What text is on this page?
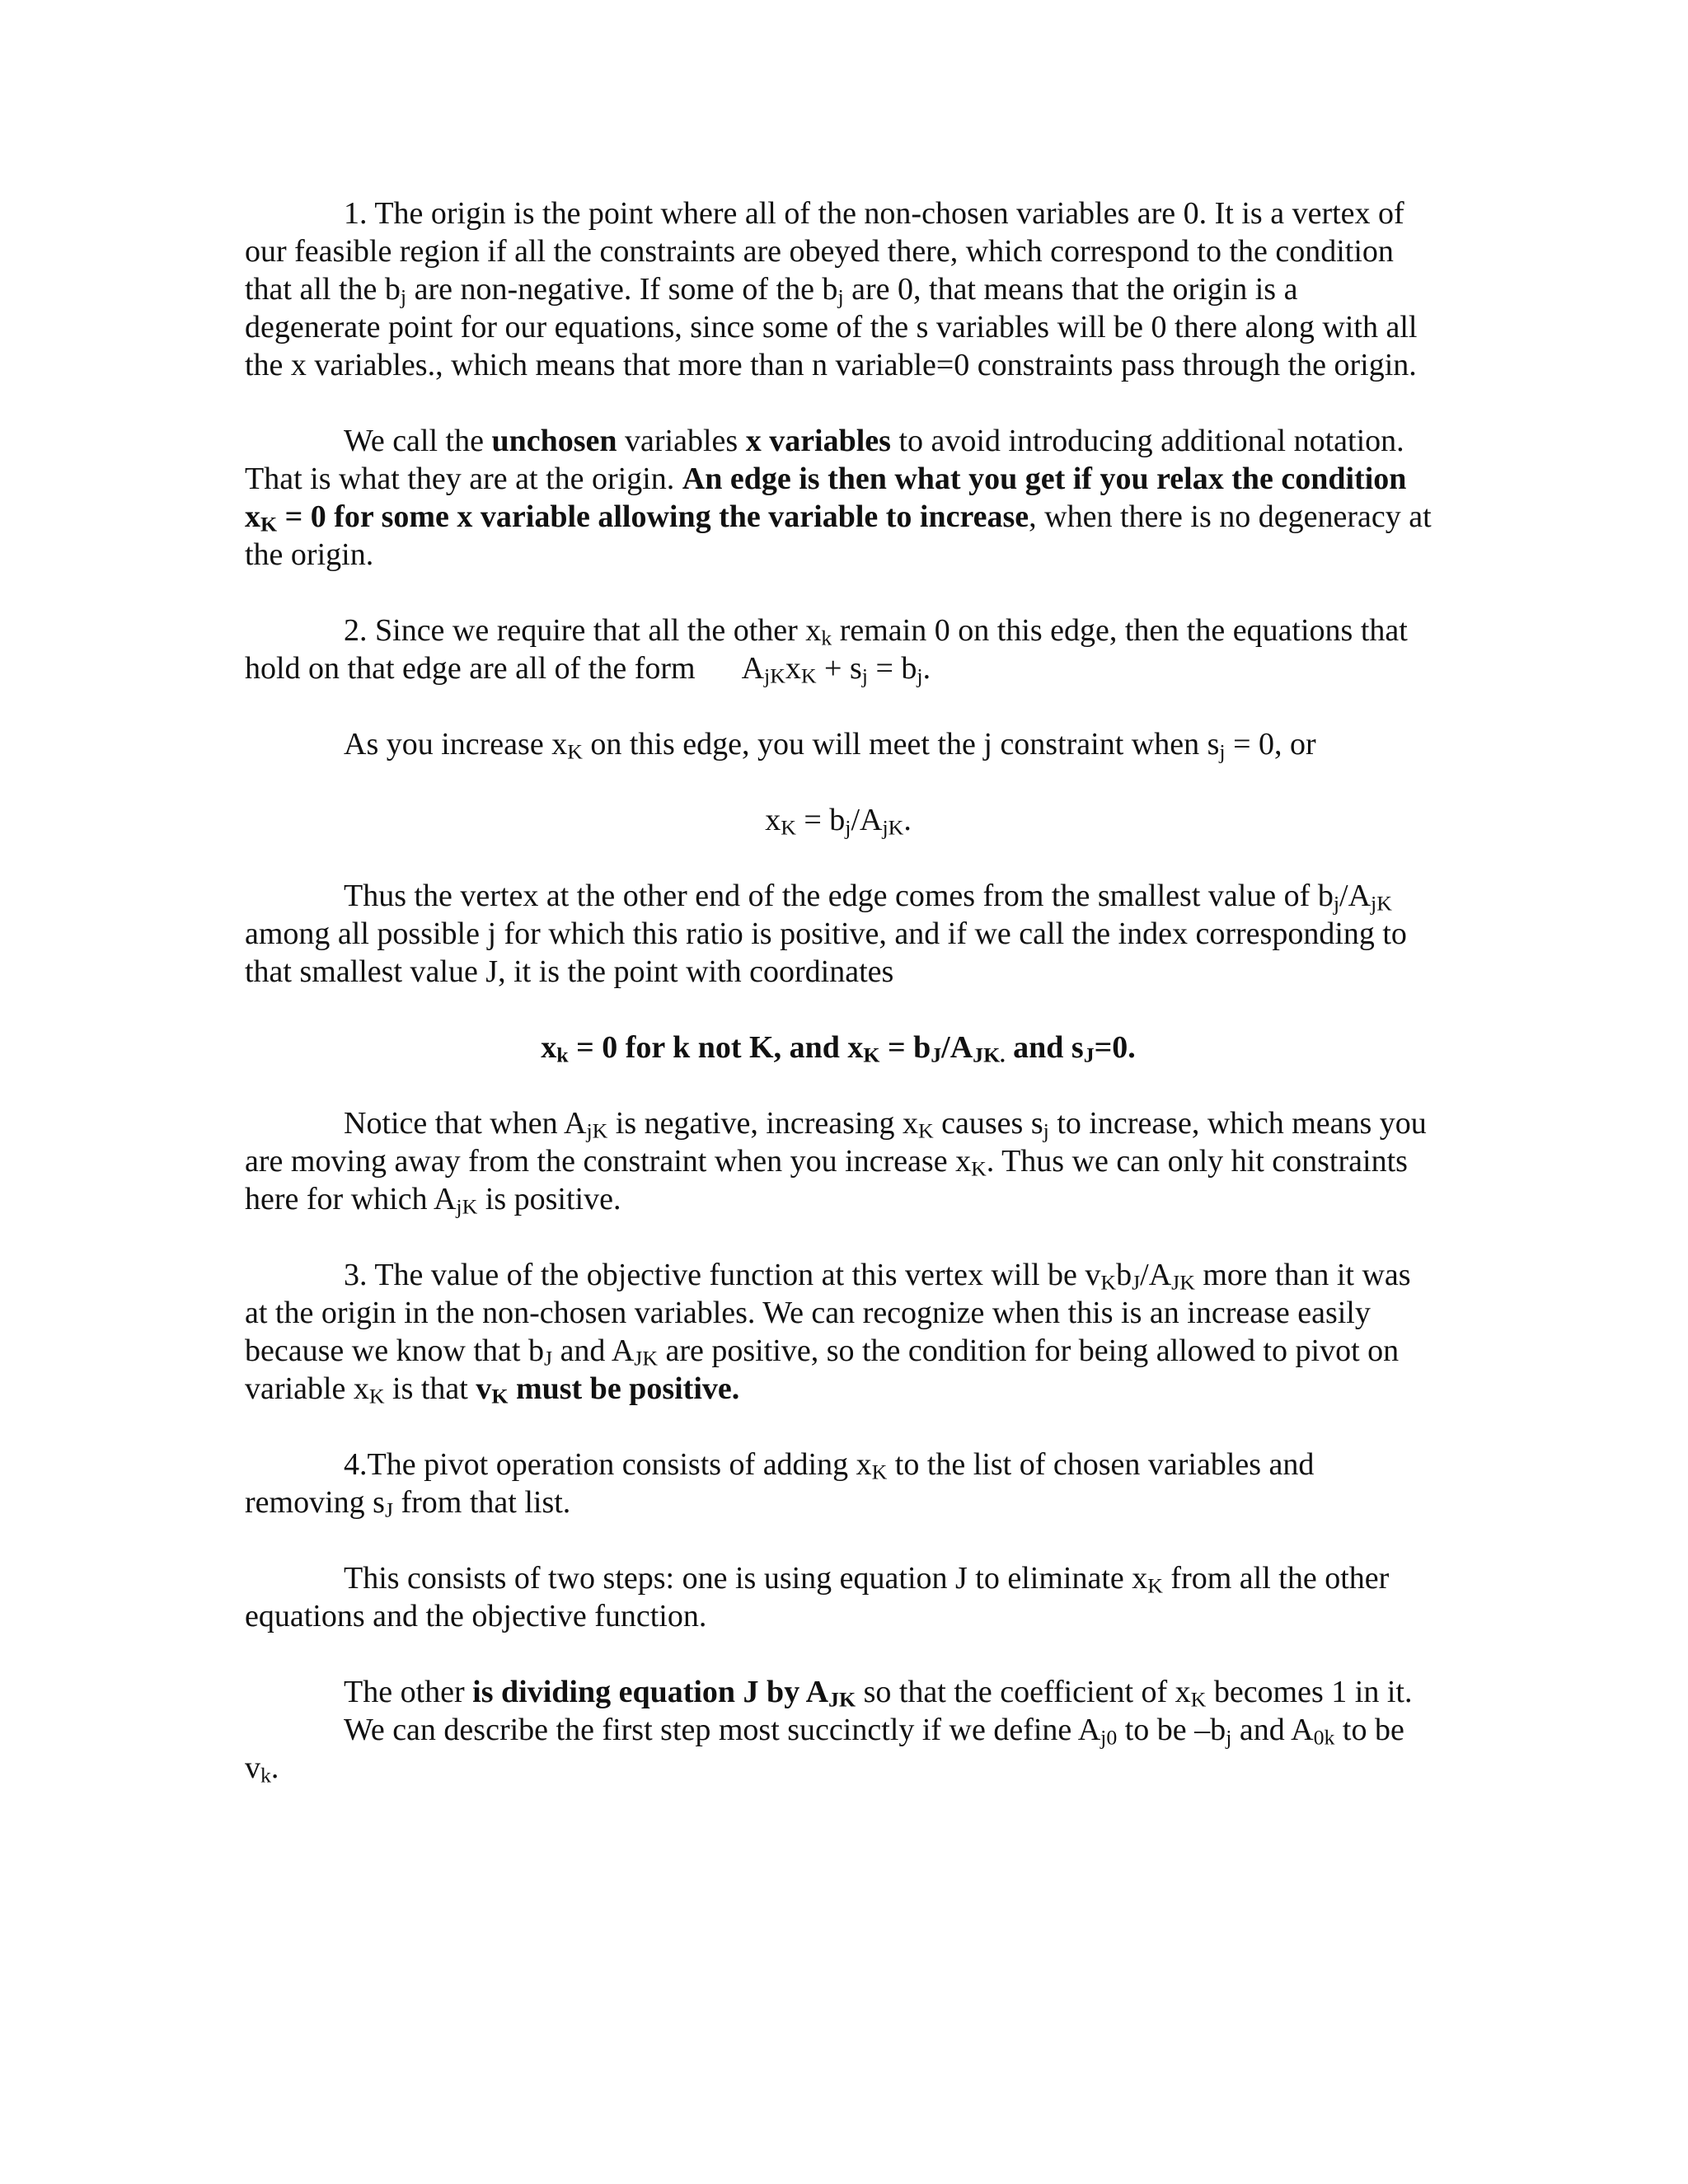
1. The origin is the point where all of the non-chosen variables are 0. It is a vertex of our feasible region if all the constraints are obeyed there, which correspond to the condition that all the $b_j$ are non-negative. If some of the $b_j$ are 0, that means that the origin is a degenerate point for our equations, since some of the s variables will be 0 there along with all the x variables., which means that more than n variable=0 constraints pass through the origin.

We call the unchosen variables x variables to avoid introducing additional notation. That is what they are at the origin. An edge is then what you get if you relax the condition $x_K = 0$ for some x variable allowing the variable to increase, when there is no degeneracy at the origin.

2. Since we require that all the other $x_k$ remain 0 on this edge, then the equations that hold on that edge are all of the form $A_{jK}x_K + s_j = b_j$.

As you increase $x_K$ on this edge, you will meet the j constraint when $s_j = 0$, or

$x_K = b_j/A_{jK}$.

Thus the vertex at the other end of the edge comes from the smallest value of $b_j/A_{jK}$ among all possible j for which this ratio is positive, and if we call the index corresponding to that smallest value J, it is the point with coordinates

$x_k = 0$ for k not K, and $x_K = b_J/A_{JK.}$ and $s_J=0$.

Notice that when $A_{jK}$ is negative, increasing $x_K$ causes $s_j$ to increase, which means you are moving away from the constraint when you increase $x_K$. Thus we can only hit constraints here for which $A_{jK}$ is positive.

3. The value of the objective function at this vertex will be $v_Kb_J/A_{JK}$ more than it was at the origin in the non-chosen variables. We can recognize when this is an increase easily because we know that $b_J$ and $A_{JK}$ are positive, so the condition for being allowed to pivot on variable $x_K$ is that $v_K$ must be positive.

4.The pivot operation consists of adding $x_K$ to the list of chosen variables and removing $s_J$ from that list.

This consists of two steps: one is using equation J to eliminate $x_K$ from all the other equations and the objective function.

The other is dividing equation J by $A_{JK}$ so that the coefficient of $x_K$ becomes 1 in it.

We can describe the first step most succinctly if we define $A_{j0}$ to be $-b_j$ and $A_{0k}$ to be $v_k$.
